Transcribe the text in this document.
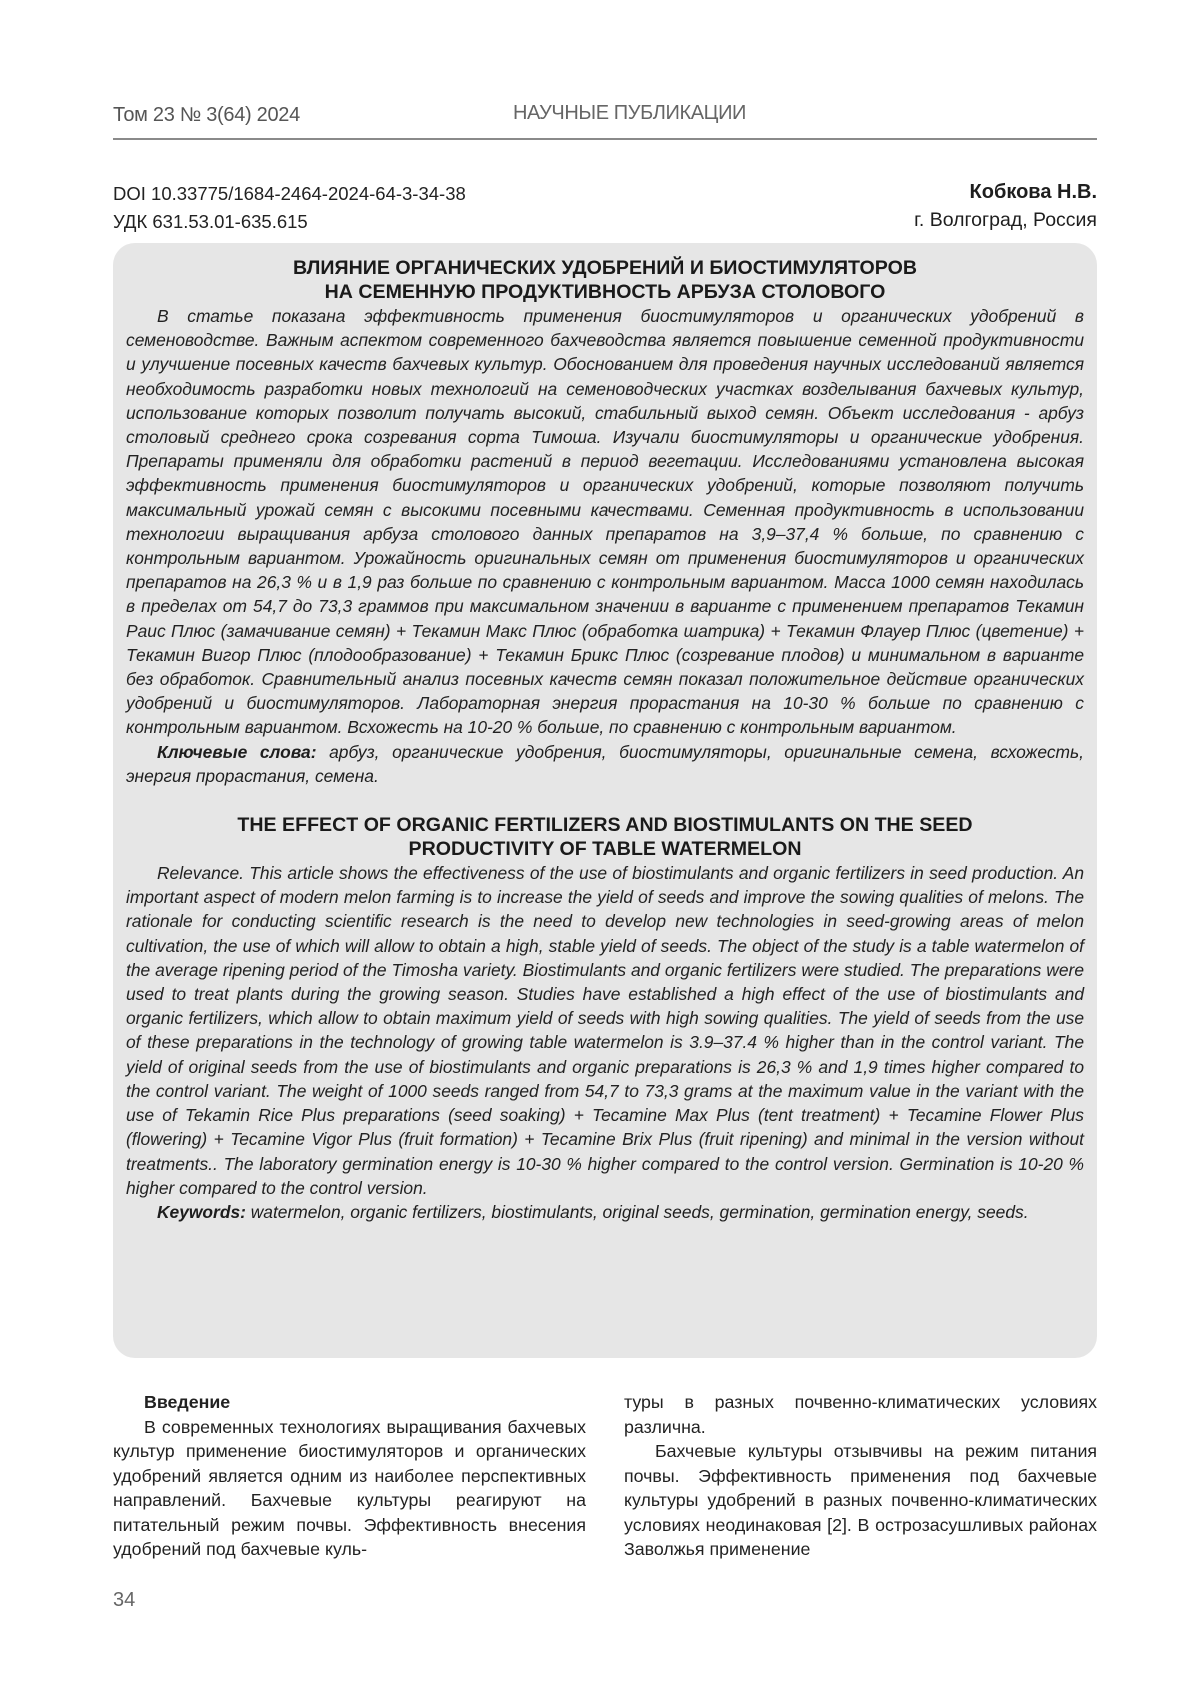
Том 23 № 3(64) 2024	НАУЧНЫЕ ПУБЛИКАЦИИ
DOI 10.33775/1684-2464-2024-64-3-34-38
УДК 631.53.01-635.615
Кобкова Н.В.
г. Волгоград, Россия
ВЛИЯНИЕ ОРГАНИЧЕСКИХ УДОБРЕНИЙ И БИОСТИМУЛЯТОРОВ
НА СЕМЕННУЮ ПРОДУКТИВНОСТЬ АРБУЗА СТОЛОВОГО

В статье показана эффективность применения биостимуляторов и органических удобрений в семеноводстве. Важным аспектом современного бахчеводства является повышение семенной продуктивности и улучшение посевных качеств бахчевых культур. Обоснованием для проведения научных исследований является необходимость разработки новых технологий на семеноводческих участках возделывания бахчевых культур, использование которых позволит получать высокий, стабильный выход семян. Объект исследования - арбуз столовый среднего срока созревания сорта Тимоша. Изучали биостимуляторы и органические удобрения. Препараты применяли для обработки растений в период вегетации. Исследованиями установлена высокая эффективность применения биостимуляторов и органических удобрений, которые позволяют получить максимальный урожай семян с высокими посевными качествами. Семенная продуктивность в использовании технологии выращивания арбуза столового данных препаратов на 3,9–37,4 % больше, по сравнению с контрольным вариантом. Урожайность оригинальных семян от применения биостимуляторов и органических препаратов на 26,3 % и в 1,9 раз больше по сравнению с контрольным вариантом. Масса 1000 семян находилась в пределах от 54,7 до 73,3 граммов при максимальном значении в варианте с применением препаратов Текамин Раис Плюс (замачивание семян) + Текамин Макс Плюс (обработка шатрика) + Текамин Флауер Плюс (цветение) + Текамин Вигор Плюс (плодообразование) + Текамин Брикс Плюс (созревание плодов) и минимальном в варианте без обработок. Сравнительный анализ посевных качеств семян показал положительное действие органических удобрений и биостимуляторов. Лабораторная энергия прорастания на 10-30 % больше по сравнению с контрольным вариантом. Всхожесть на 10-20 % больше, по сравнению с контрольным вариантом.

Ключевые слова: арбуз, органические удобрения, биостимуляторы, оригинальные семена, всхожесть, энергия прорастания, семена.

THE EFFECT OF ORGANIC FERTILIZERS AND BIOSTIMULANTS ON THE SEED
PRODUCTIVITY OF TABLE WATERMELON

Relevance. This article shows the effectiveness of the use of biostimulants and organic fertilizers in seed production. An important aspect of modern melon farming is to increase the yield of seeds and improve the sowing qualities of melons. The rationale for conducting scientific research is the need to develop new technologies in seed-growing areas of melon cultivation, the use of which will allow to obtain a high, stable yield of seeds. The object of the study is a table watermelon of the average ripening period of the Timosha variety. Biostimulants and organic fertilizers were studied. The preparations were used to treat plants during the growing season. Studies have established a high effect of the use of biostimulants and organic fertilizers, which allow to obtain maximum yield of seeds with high sowing qualities. The yield of seeds from the use of these preparations in the technology of growing table watermelon is 3.9–37.4 % higher than in the control variant. The yield of original seeds from the use of biostimulants and organic preparations is 26,3 % and 1,9 times higher compared to the control variant. The weight of 1000 seeds ranged from 54,7 to 73,3 grams at the maximum value in the variant with the use of Tekamin Rice Plus preparations (seed soaking) + Tecamine Max Plus (tent treatment) + Tecamine Flower Plus (flowering) + Tecamine Vigor Plus (fruit formation) + Tecamine Brix Plus (fruit ripening) and minimal in the version without treatments.. The laboratory germination energy is 10-30 % higher compared to the control version. Germination is 10-20 % higher compared to the control version.

Keywords: watermelon, organic fertilizers, biostimulants, original seeds, germination, germination energy, seeds.

Введение

В современных технологиях выращивания бахчевых культур применение биостимуляторов и органических удобрений является одним из наиболее перспективных направлений. Бахчевые культуры реагируют на питательный режим почвы. Эффективность внесения удобрений под бахчевые куль-

туры в разных почвенно-климатических условиях различна.

Бахчевые культуры отзывчивы на режим питания почвы. Эффективность применения под бахчевые культуры удобрений в разных почвенно-климатических условиях неодинаковая [2]. В острозасушливых районах Заволжья применение

34
